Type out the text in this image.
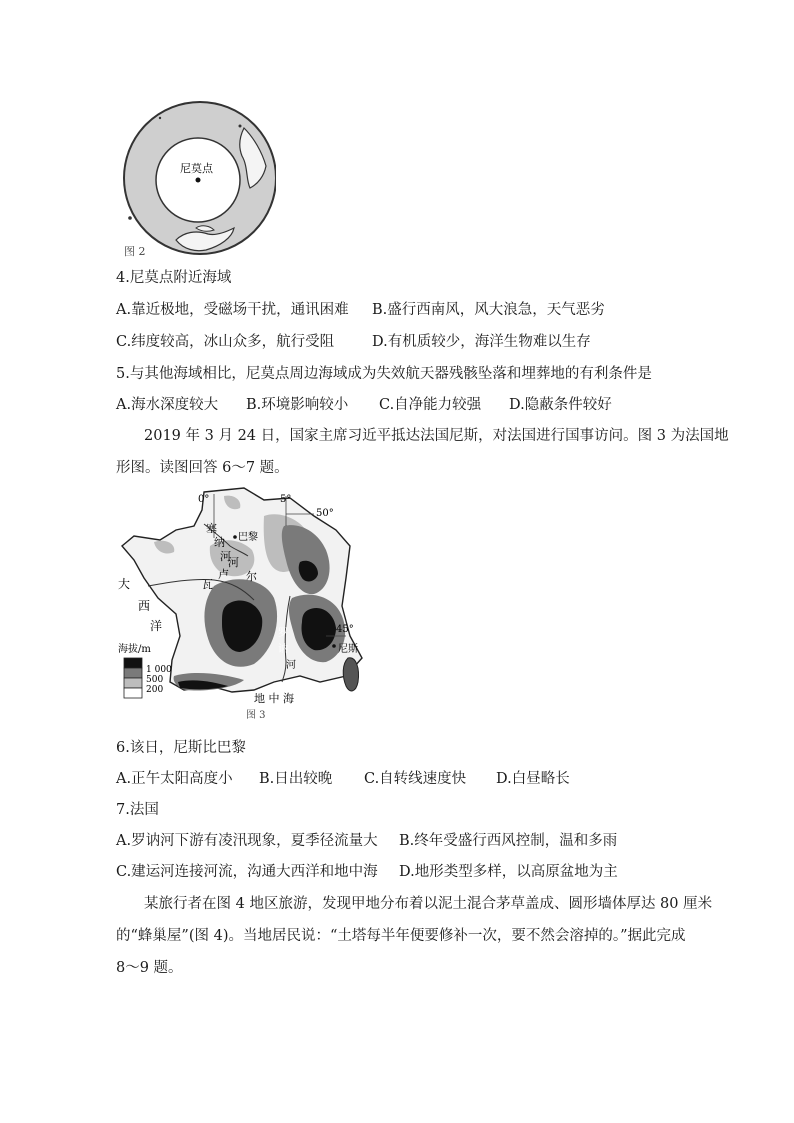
尼莫点
图 2
4.尼莫点附近海域
A.靠近极地，受磁场干扰，通讯困难 B.盛行西南风，风大浪急，天气恶劣
C.纬度较高，冰山众多，航行受阻	D.有机质较少，海洋生物难以生存
5.与其他海域相比，尼莫点周边海域成为失效航天器残骸坠落和埋葬地的有利条件是
A.海水深度较大 B.环境影响较小 C.自净能力较强 D.隐蔽条件较好
2019 年 3 月 24 日，国家主席习近平抵达法国尼斯，对法国进行国事访问。图 3 为法国地
形图。读图回答 6～7 题。
0°	5°
50°
45°
塞
纳
河
巴黎
卢
瓦
尔
河
大
西
洋
罗
讷
河
尼斯
地 中 海
海拔/m
1 000
500
200
图 3
6.该日，尼斯比巴黎
A.正午太阳高度小 B.日出较晚 C.自转线速度快 D.白昼略长
7.法国
A.罗讷河下游有凌汛现象，夏季径流量大 B.终年受盛行西风控制，温和多雨
C.建运河连接河流，沟通大西洋和地中海 D.地形类型多样，以高原盆地为主
某旅行者在图 4 地区旅游，发现甲地分布着以泥土混合茅草盖成、圆形墙体厚达 80 厘米
的“蜂巢屋”(图 4)。当地居民说：“土塔每半年便要修补一次，要不然会溶掉的。”据此完成
8～9 题。
